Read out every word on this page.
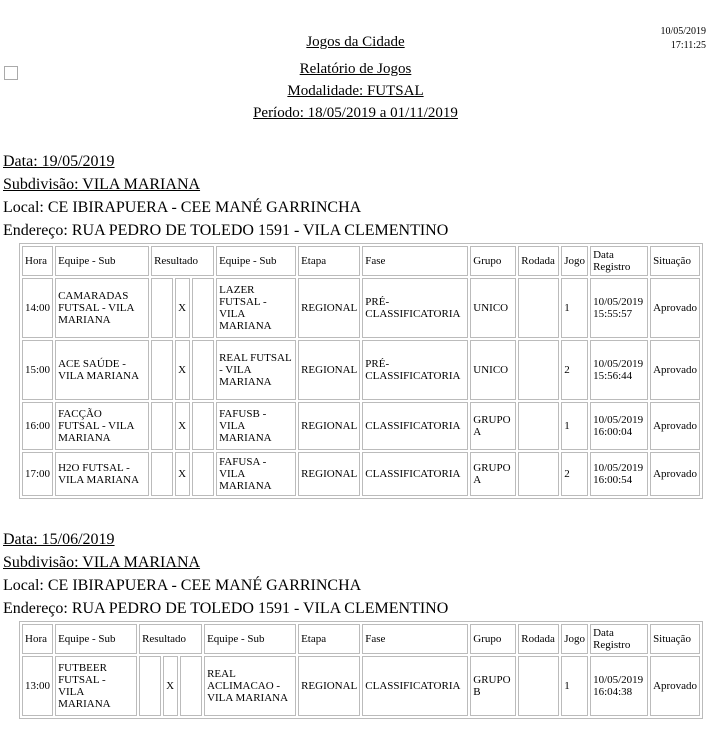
10/05/2019
17:11:25
Jogos da Cidade
Relatório de Jogos
Modalidade: FUTSAL
Período: 18/05/2019 a 01/11/2019
Data: 19/05/2019
Subdivisão: VILA MARIANA
Local: CE IBIRAPUERA - CEE MANÉ GARRINCHA
Endereço: RUA PEDRO DE TOLEDO 1591 - VILA CLEMENTINO
Hora	Equipe - Sub	Resultado			Equipe - Sub	Etapa	Fase	Grupo	Rodada	Jogo	Data Registro	Situação
14:00	CAMARADAS FUTSAL - VILA MARIANA		X		LAZER FUTSAL - VILA MARIANA	REGIONAL	PRÉ-CLASSIFICATORIA	UNICO		1	10/05/2019 15:55:57	Aprovado
15:00	ACE SAÚDE - VILA MARIANA		X		REAL FUTSAL - VILA MARIANA	REGIONAL	PRÉ-CLASSIFICATORIA	UNICO		2	10/05/2019 15:56:44	Aprovado
16:00	FACÇÃO FUTSAL - VILA MARIANA		X		FAFUSB - VILA MARIANA	REGIONAL	CLASSIFICATORIA	GRUPO A		1	10/05/2019 16:00:04	Aprovado
17:00	H2O FUTSAL - VILA MARIANA		X		FAFUSA - VILA MARIANA	REGIONAL	CLASSIFICATORIA	GRUPO A		2	10/05/2019 16:00:54	Aprovado
Data: 15/06/2019
Subdivisão: VILA MARIANA
Local: CE IBIRAPUERA - CEE MANÉ GARRINCHA
Endereço: RUA PEDRO DE TOLEDO 1591 - VILA CLEMENTINO
Hora	Equipe - Sub	Resultado			Equipe - Sub	Etapa	Fase	Grupo	Rodada	Jogo	Data Registro	Situação
13:00	FUTBEER FUTSAL - VILA MARIANA		X		REAL ACLIMACAO - VILA MARIANA	REGIONAL	CLASSIFICATORIA	GRUPO B		1	10/05/2019 16:04:38	Aprovado
